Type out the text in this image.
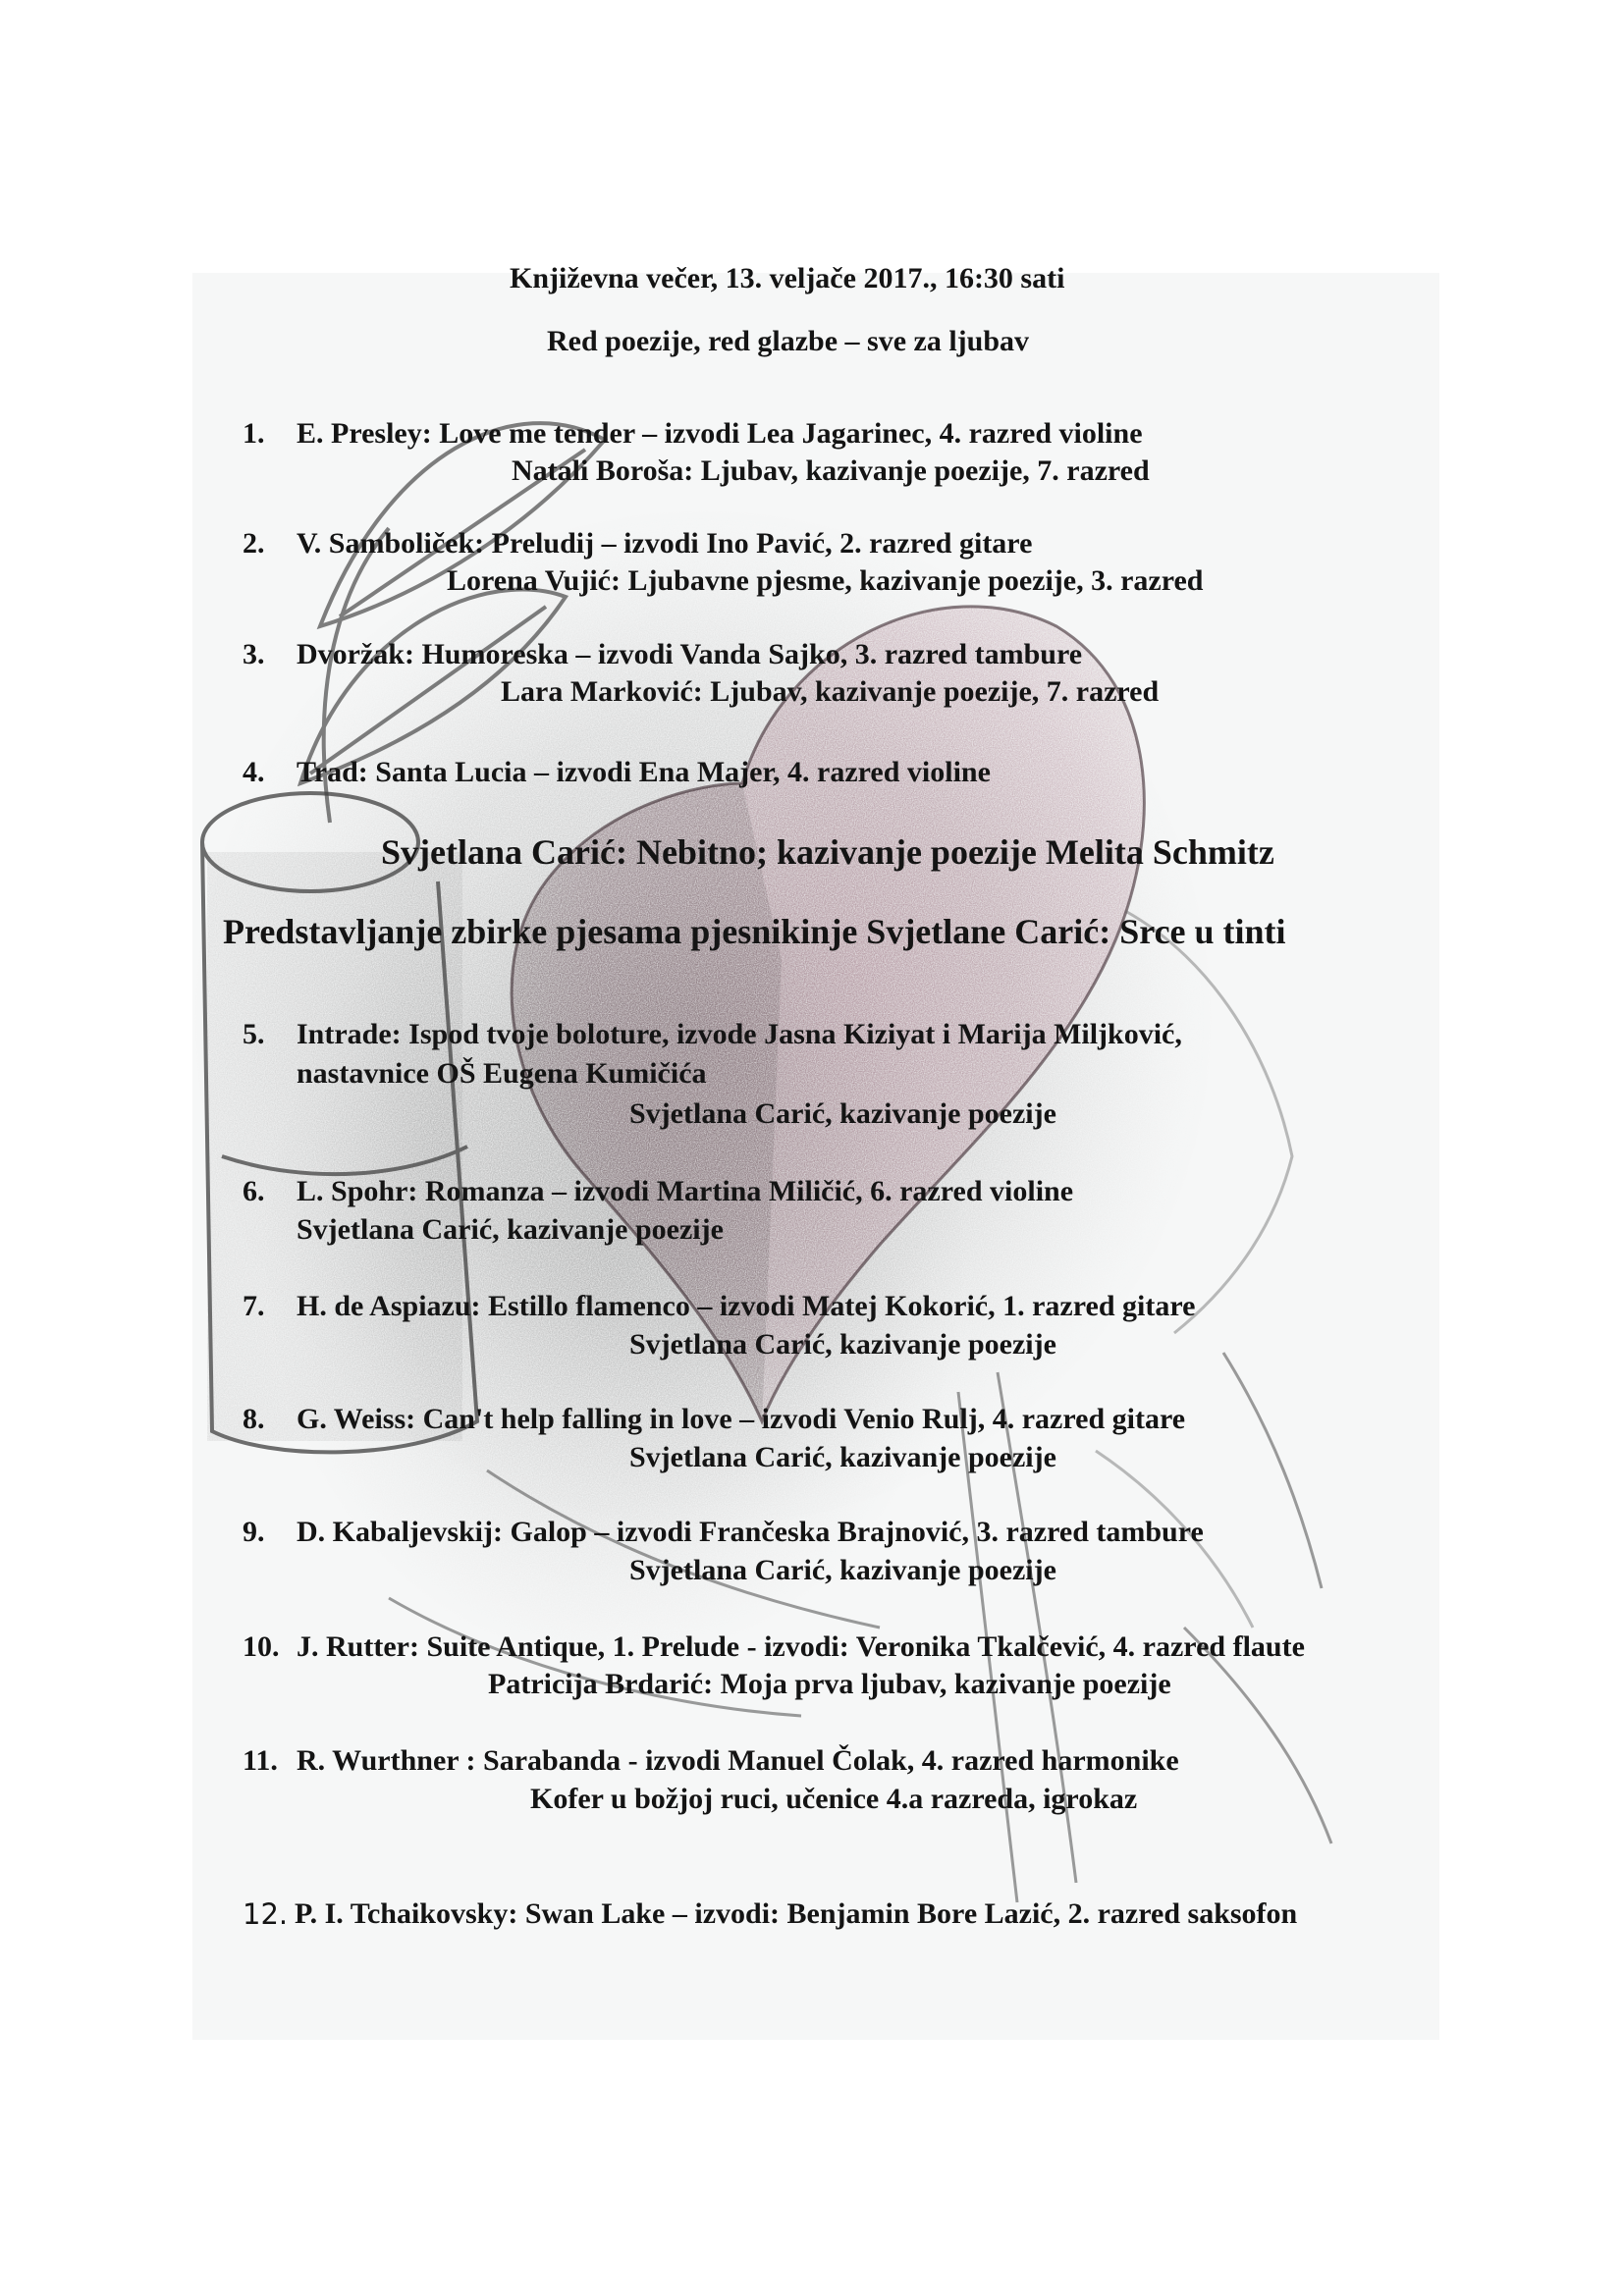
Književna večer, 13. veljače 2017., 16:30 sati
Red poezije, red glazbe – sve za ljubav
1. E. Presley: Love me tender – izvodi Lea Jagarinec, 4. razred violine
Natali Boroša: Ljubav, kazivanje poezije, 7. razred
2. V. Samboliček: Preludij – izvodi Ino Pavić, 2. razred gitare
Lorena Vujić: Ljubavne pjesme, kazivanje poezije, 3. razred
3. Dvoržak: Humoreska – izvodi Vanda Sajko, 3. razred tambure
Lara Marković: Ljubav, kazivanje poezije, 7. razred
4. Trad: Santa Lucia – izvodi Ena Majer, 4. razred violine
Svjetlana Carić: Nebitno; kazivanje poezije Melita Schmitz
Predstavljanje zbirke pjesama pjesnikinje Svjetlane Carić: Srce u tinti
5. Intrade: Ispod tvoje boloture, izvode Jasna Kiziyat i Marija Miljković,
nastavnice OŠ Eugena Kumičića
Svjetlana Carić, kazivanje poezije
6. L. Spohr: Romanza – izvodi Martina Miličić, 6. razred violine
Svjetlana Carić, kazivanje poezije
7. H. de Aspiazu: Estillo flamenco – izvodi Matej Kokorić, 1. razred gitare
Svjetlana Carić, kazivanje poezije
8. G. Weiss: Can't help falling in love – izvodi Venio Rulj, 4. razred gitare
Svjetlana Carić, kazivanje poezije
9. D. Kabaljevskij: Galop – izvodi Frančeska Brajnović, 3. razred tambure
Svjetlana Carić, kazivanje poezije
10. J. Rutter: Suite Antique, 1. Prelude - izvodi: Veronika Tkalčević, 4. razred flaute
Patricija Brdarić: Moja prva ljubav, kazivanje poezije
11. R. Wurthner : Sarabanda - izvodi Manuel Čolak, 4. razred harmonike
Kofer u božjoj ruci, učenice 4.a razreda, igrokaz
12. P. I. Tchaikovsky: Swan Lake – izvodi: Benjamin Bore Lazić, 2. razred saksofon
